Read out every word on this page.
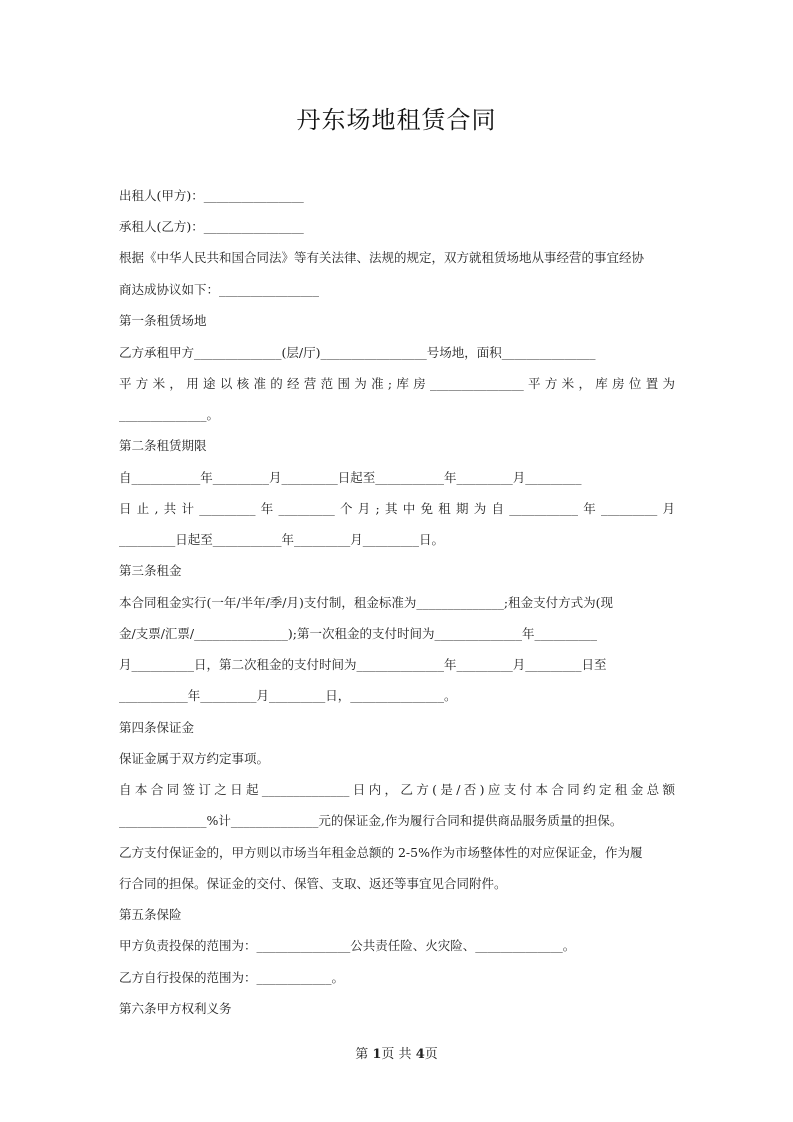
丹东场地租赁合同
出租人(甲方)：________________
承租人(乙方)：________________
根据《中华人民共和国合同法》等有关法律、法规的规定，双方就租赁场地从事经营的事宜经协
商达成协议如下：________________
第一条租赁场地
乙方承租甲方______________(层/厅)_________________号场地，面积_______________
平方米，用途以核准的经营范围为准;库房_______________平方米，库房位置为
______________。
第二条租赁期限
自___________年_________月_________日起至___________年_________月_________
日止,共计_________年_________个月;其中免租期为自___________年_________月
_________日起至___________年_________月_________日。
第三条租金
本合同租金实行(一年/半年/季/月)支付制，租金标准为______________;租金支付方式为(现
金/支票/汇票/_______________);第一次租金的支付时间为______________年__________
月__________日，第二次租金的支付时间为______________年_________月_________日至
___________年_________月_________日，_______________。
第四条保证金
保证金属于双方约定事项。
自本合同签订之日起______________日内，乙方(是/否)应支付本合同约定租金总额
______________%计______________元的保证金,作为履行合同和提供商品服务质量的担保。
乙方支付保证金的，甲方则以市场当年租金总额的 2-5%作为市场整体性的对应保证金，作为履
行合同的担保。保证金的交付、保管、支取、返还等事宜见合同附件。
第五条保险
甲方负责投保的范围为：_______________公共责任险、火灾险、______________。
乙方自行投保的范围为：____________。
第六条甲方权利义务
第 1页 共 4页
